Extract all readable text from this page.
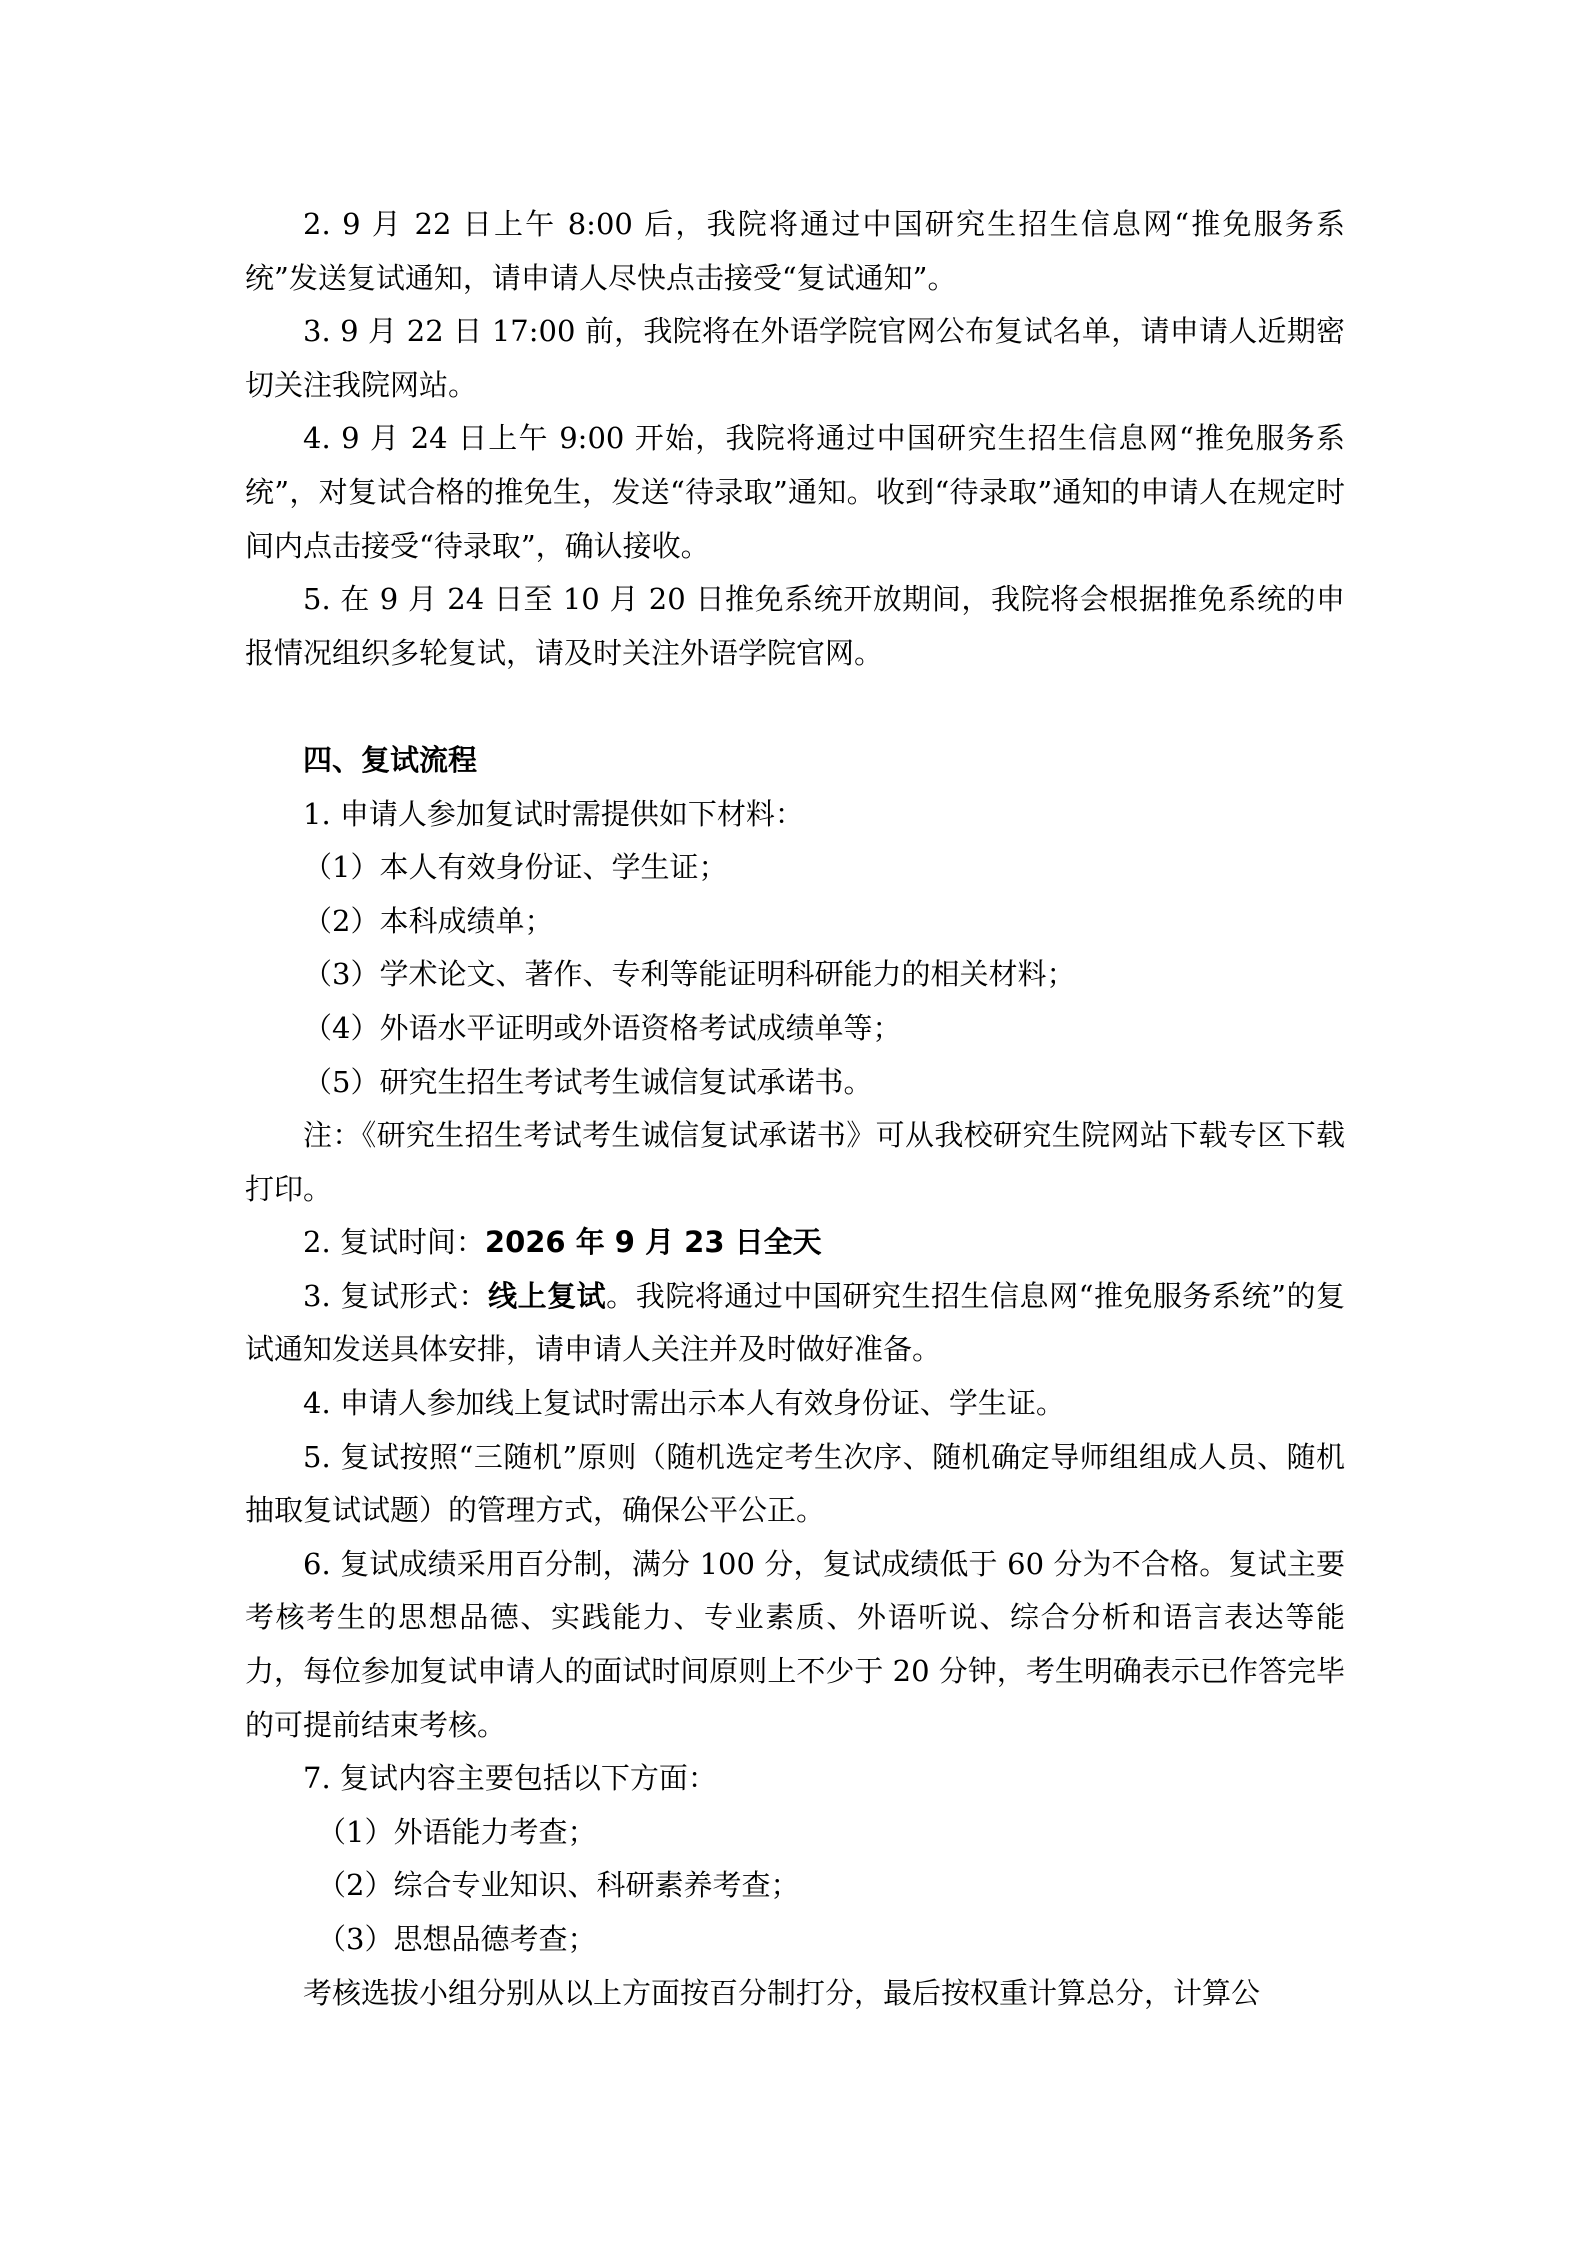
2. 9 月 22 日上午 8:00 后，我院将通过中国研究生招生信息网“推免服务系统”发送复试通知，请申请人尽快点击接受“复试通知”。

3. 9 月 22 日 17:00 前，我院将在外语学院官网公布复试名单，请申请人近期密切关注我院网站。

4. 9 月 24 日上午 9:00 开始，我院将通过中国研究生招生信息网“推免服务系统”，对复试合格的推免生，发送“待录取”通知。收到“待录取”通知的申请人在规定时间内点击接受“待录取”，确认接收。

5. 在 9 月 24 日至 10 月 20 日推免系统开放期间，我院将会根据推免系统的申报情况组织多轮复试，请及时关注外语学院官网。

四、复试流程

1. 申请人参加复试时需提供如下材料：

（1）本人有效身份证、学生证；

（2）本科成绩单；

（3）学术论文、著作、专利等能证明科研能力的相关材料；

（4）外语水平证明或外语资格考试成绩单等；

（5）研究生招生考试考生诚信复试承诺书。

注：《研究生招生考试考生诚信复试承诺书》可从我校研究生院网站下载专区下载打印。

2. 复试时间：2026 年 9 月 23 日全天

3. 复试形式：线上复试。我院将通过中国研究生招生信息网“推免服务系统”的复试通知发送具体安排，请申请人关注并及时做好准备。

4. 申请人参加线上复试时需出示本人有效身份证、学生证。

5. 复试按照“三随机”原则（随机选定考生次序、随机确定导师组组成人员、随机抽取复试试题）的管理方式，确保公平公正。

6. 复试成绩采用百分制，满分 100 分，复试成绩低于 60 分为不合格。复试主要考核考生的思想品德、实践能力、专业素质、外语听说、综合分析和语言表达等能力，每位参加复试申请人的面试时间原则上不少于 20 分钟，考生明确表示已作答完毕的可提前结束考核。

7. 复试内容主要包括以下方面：

（1）外语能力考查；

（2）综合专业知识、科研素养考查；

（3）思想品德考查；

考核选拔小组分别从以上方面按百分制打分，最后按权重计算总分，计算公
